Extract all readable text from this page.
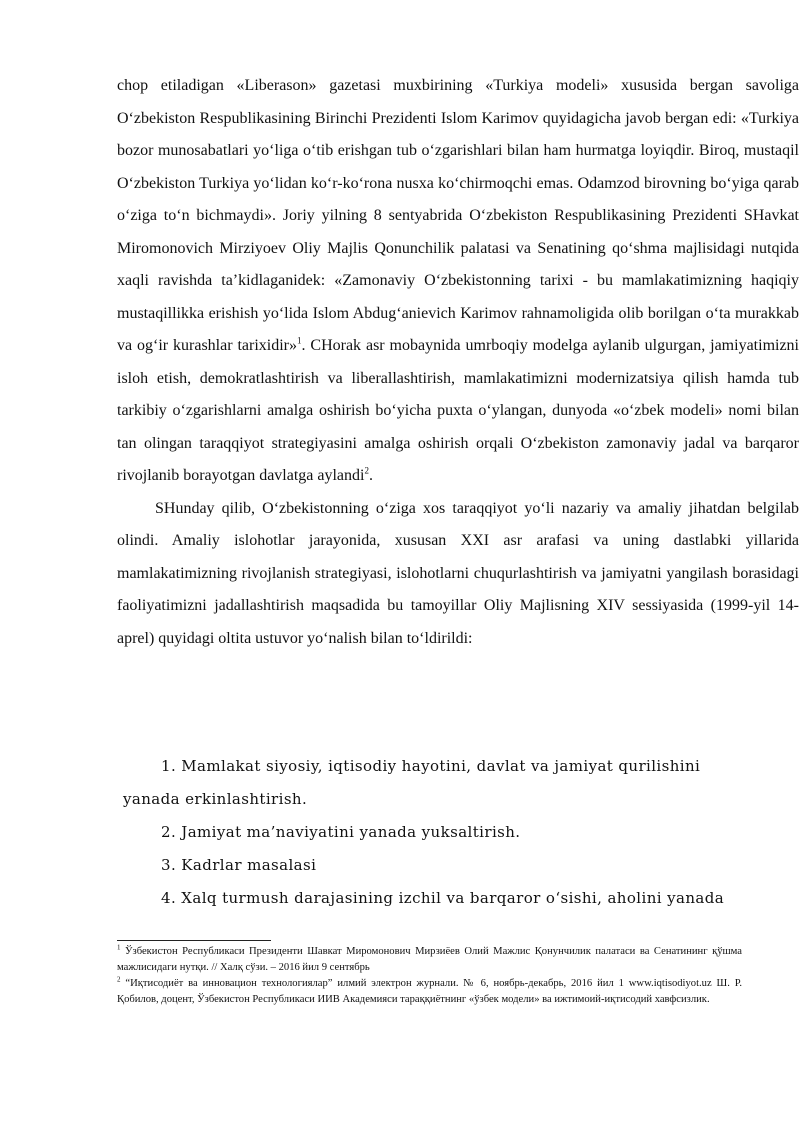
chop etiladigan «Liberason» gazetasi muxbirining «Turkiya modeli» xususida bergan savoliga O‘zbekiston Respublikasining Birinchi Prezidenti Islom Karimov quyidagicha javob bergan edi: «Turkiya bozor munosabatlari yo‘liga o‘tib erishgan tub o‘zgarishlari bilan ham hurmatga loyiqdir. Biroq, mustaqil O‘zbekiston Turkiya yo‘lidan ko‘r-ko‘rona nusxa ko‘chirmoqchi emas. Odamzod birovning bo‘yiga qarab o‘ziga to‘n bichmaydi». Joriy yilning 8 sentyabrida O‘zbekiston Respublikasining Prezidenti SHavkat Miromonovich Mirziyoev Oliy Majlis Qonunchilik palatasi va Senatining qo‘shma majlisidagi nutqida xaqli ravishda ta’kidlaganidek: «Zamonaviy O‘zbekistonning tarixi - bu mamlakatimizning haqiqiy mustaqillikka erishish yo‘lida Islom Abdug‘anievich Karimov rahnamoligida olib borilgan o‘ta murakkab va og‘ir kurashlar tarixidir»$^1$. CHorak asr mobaynida umrboqiy modelga aylanib ulgurgan, jamiyatimizni isloh etish, demokratlashtirish va liberallashtirish, mamlakatimizni modernizatsiya qilish hamda tub tarkibiy o‘zgarishlarni amalga oshirish bo‘yicha puxta o‘ylangan, dunyoda «o‘zbek modeli» nomi bilan tan olingan taraqqiyot strategiyasini amalga oshirish orqali O‘zbekiston zamonaviy jadal va barqaror rivojlanib borayotgan davlatga aylandi$^2$.

SHunday qilib, O‘zbekistonning o‘ziga xos taraqqiyot yo‘li nazariy va amaliy jihatdan belgilab olindi. Amaliy islohotlar jarayonida, xususan XXI asr arafasi va uning dastlabki yillarida mamlakatimizning rivojlanish strategiyasi, islohotlarni chuqurlashtirish va jamiyatni yangilash borasidagi faoliyatimizni jadallashtirish maqsadida bu tamoyillar Oliy Majlisning XIV sessiyasida (1999-yil 14- aprel) quyidagi oltita ustuvor yo‘nalish bilan to‘ldirildi:

1. Mamlakat siyosiy, iqtisodiy hayotini, davlat va jamiyat qurilishini
yanada erkinlashtirish.
2. Jamiyat ma’naviyatini yanada yuksaltirish.
3. Kadrlar masalasi
4. Xalq turmush darajasining izchil va barqaror o‘sishi, aholini yanada

$^1$ Ўзбекистон Республикаси Президенти Шавкат Миромонович Мирзиёев Олий Мажлис Қонунчилик палатаси ва Сенатининг қўшма мажлисидаги нутқи. // Халқ сўзи. – 2016 йил 9 сентябрь

$^2$ “Иқтисодиёт ва инновацион технологиялар” илмий электрон журнали. № 6, ноябрь-декабрь, 2016 йил 1 www.iqtisodiyot.uz Ш. Р. Қобилов, доцент, Ўзбекистон Республикаси ИИВ Академияси тараққиётнинг «ўзбек модели» ва ижтимоий-иқтисодий хавфсизлик.
